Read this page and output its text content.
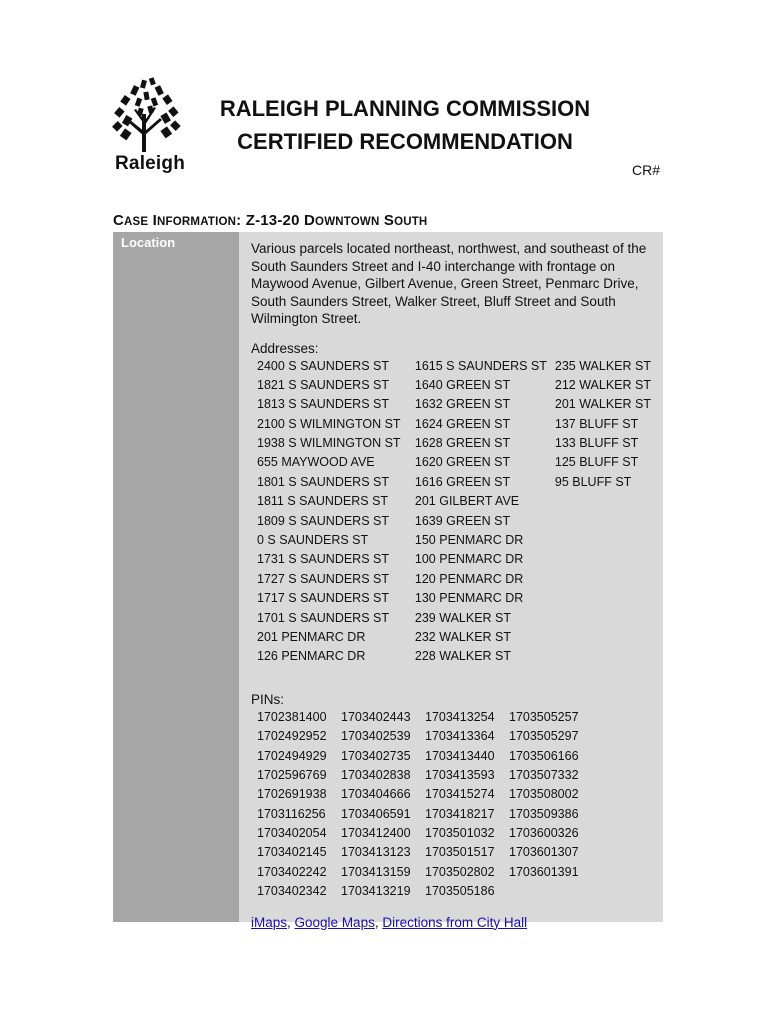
Raleigh
RALEIGH PLANNING COMMISSION
CERTIFIED RECOMMENDATION
CR#
CASE INFORMATION: Z-13-20 DOWNTOWN SOUTH
Location	Various parcels located northeast, northwest, and southeast of the South Saunders Street and I-40 interchange with frontage on Maywood Avenue, Gilbert Avenue, Green Street, Penmarc Drive, South Saunders Street, Walker Street, Bluff Street and South Wilmington Street.

Addresses:
2400 S SAUNDERS ST	1615 S SAUNDERS ST	235 WALKER ST
1821 S SAUNDERS ST	1640 GREEN ST	212 WALKER ST
1813 S SAUNDERS ST	1632 GREEN ST	201 WALKER ST
2100 S WILMINGTON ST	1624 GREEN ST	137 BLUFF ST
1938 S WILMINGTON ST	1628 GREEN ST	133 BLUFF ST
655 MAYWOOD AVE	1620 GREEN ST	125 BLUFF ST
1801 S SAUNDERS ST	1616 GREEN ST	95 BLUFF ST
1811 S SAUNDERS ST	201 GILBERT AVE	
1809 S SAUNDERS ST	1639 GREEN ST	
0 S SAUNDERS ST	150 PENMARC DR	
1731 S SAUNDERS ST	100 PENMARC DR	
1727 S SAUNDERS ST	120 PENMARC DR	
1717 S SAUNDERS ST	130 PENMARC DR	
1701 S SAUNDERS ST	239 WALKER ST	
201 PENMARC DR	232 WALKER ST	
126 PENMARC DR	228 WALKER ST	
PINs:
1702381400	1703402443	1703413254	1703505257
1702492952	1703402539	1703413364	1703505297
1702494929	1703402735	1703413440	1703506166
1702596769	1703402838	1703413593	1703507332
1702691938	1703404666	1703415274	1703508002
1703116256	1703406591	1703418217	1703509386
1703402054	1703412400	1703501032	1703600326
1703402145	1703413123	1703501517	1703601307
1703402242	1703413159	1703502802	1703601391
1703402342	1703413219	1703505186	
iMaps, Google Maps, Directions from City Hall
